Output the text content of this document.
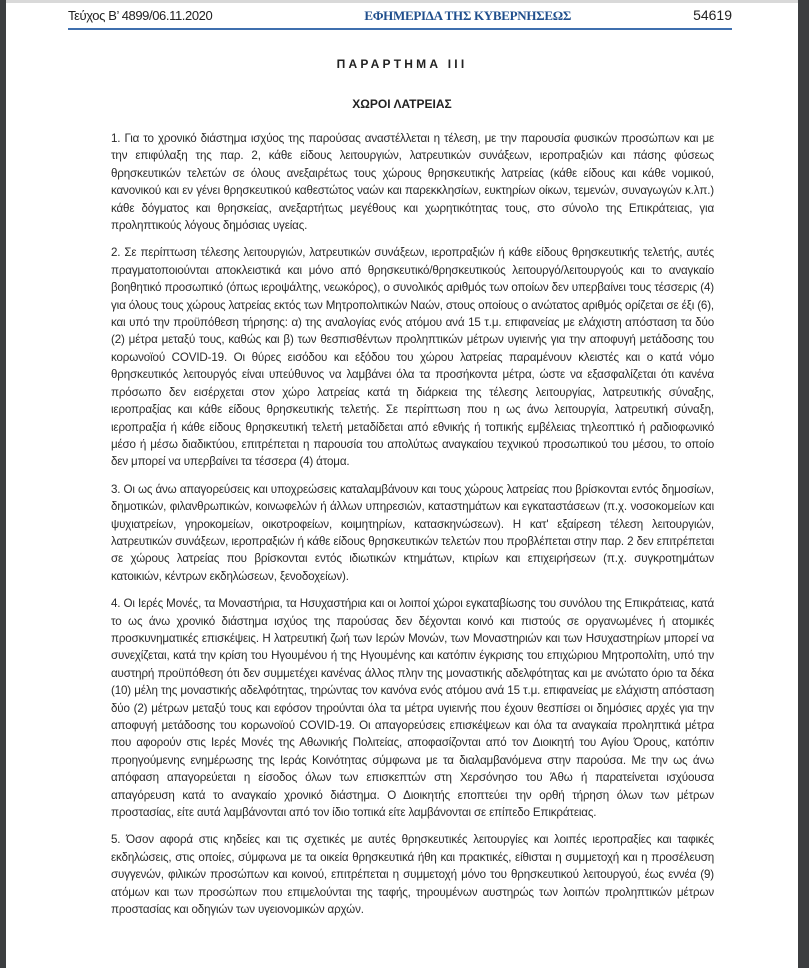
Τεύχος Β’ 4899/06.11.2020	ΕΦΗΜΕΡΙΔΑ ΤΗΣ ΚΥΒΕΡΝΗΣΕΩΣ	54619
ΠΑΡΑΡΤΗΜΑ ΙΙΙ
ΧΩΡΟΙ ΛΑΤΡΕΙΑΣ

1. Για το χρονικό διάστημα ισχύος της παρούσας αναστέλλεται η τέλεση, με την παρουσία φυσικών προσώπων και με την επιφύλαξη της παρ. 2, κάθε είδους λειτουργιών, λατρευτικών συνάξεων, ιεροπραξιών και πάσης φύσεως θρησκευτικών τελετών σε όλους ανεξαιρέτως τους χώρους θρησκευτικής λατρείας (κάθε είδους και κάθε νομικού, κανονικού και εν γένει θρησκευτικού καθεστώτος ναών και παρεκκλησίων, ευκτηρίων οίκων, τεμενών, συναγωγών κ.λπ.) κάθε δόγματος και θρησκείας, ανεξαρτήτως μεγέθους και χωρητικότητας τους, στο σύνολο της Επικράτειας, για προληπτικούς λόγους δημόσιας υγείας.

2. Σε περίπτωση τέλεσης λειτουργιών, λατρευτικών συνάξεων, ιεροπραξιών ή κάθε είδους θρησκευτικής τελετής, αυτές πραγματοποιούνται αποκλειστικά και μόνο από θρησκευτικό/θρησκευτικούς λειτουργό/λειτουργούς και το αναγκαίο βοηθητικό προσωπικό (όπως ιεροψάλτης, νεωκόρος), ο συνολικός αριθμός των οποίων δεν υπερβαίνει τους τέσσερις (4) για όλους τους χώρους λατρείας εκτός των Μητροπολιτικών Ναών, στους οποίους ο ανώτατος αριθμός ορίζεται σε έξι (6), και υπό την προϋπόθεση τήρησης: α) της αναλογίας ενός ατόμου ανά 15 τ.μ. επιφανείας με ελάχιστη απόσταση τα δύο (2) μέτρα μεταξύ τους, καθώς και β) των θεσπισθέντων προληπτικών μέτρων υγιεινής για την αποφυγή μετάδοσης του κορωνοϊού COVID-19. Οι θύρες εισόδου και εξόδου του χώρου λατρείας παραμένουν κλειστές και ο κατά νόμο θρησκευτικός λειτουργός είναι υπεύθυνος να λαμβάνει όλα τα προσήκοντα μέτρα, ώστε να εξασφαλίζεται ότι κανένα πρόσωπο δεν εισέρχεται στον χώρο λατρείας κατά τη διάρκεια της τέλεσης λειτουργίας, λατρευτικής σύναξης, ιεροπραξίας και κάθε είδους θρησκευτικής τελετής. Σε περίπτωση που η ως άνω λειτουργία, λατρευτική σύναξη, ιεροπραξία ή κάθε είδους θρησκευτική τελετή μεταδίδεται από εθνικής ή τοπικής εμβέλειας τηλεοπτικό ή ραδιοφωνικό μέσο ή μέσω διαδικτύου, επιτρέπεται η παρουσία του απολύτως αναγκαίου τεχνικού προσωπικού του μέσου, το οποίο δεν μπορεί να υπερβαίνει τα τέσσερα (4) άτομα.

3. Οι ως άνω απαγορεύσεις και υποχρεώσεις καταλαμβάνουν και τους χώρους λατρείας που βρίσκονται εντός δημοσίων, δημοτικών, φιλανθρωπικών, κοινωφελών ή άλλων υπηρεσιών, καταστημάτων και εγκαταστάσεων (π.χ. νοσοκομείων και ψυχιατρείων, γηροκομείων, οικοτροφείων, κοιμητηρίων, κατασκηνώσεων). Η κατ' εξαίρεση τέλεση λειτουργιών, λατρευτικών συνάξεων, ιεροπραξιών ή κάθε είδους θρησκευτικών τελετών που προβλέπεται στην παρ. 2 δεν επιτρέπεται σε χώρους λατρείας που βρίσκονται εντός ιδιωτικών κτημάτων, κτιρίων και επιχειρήσεων (π.χ. συγκροτημάτων κατοικιών, κέντρων εκδηλώσεων, ξενοδοχείων).

4. Οι Ιερές Μονές, τα Μοναστήρια, τα Ησυχαστήρια και οι λοιποί χώροι εγκαταβίωσης του συνόλου της Επικράτειας, κατά το ως άνω χρονικό διάστημα ισχύος της παρούσας δεν δέχονται κοινό και πιστούς σε οργανωμένες ή ατομικές προσκυνηματικές επισκέψεις. Η λατρευτική ζωή των Ιερών Μονών, των Μοναστηριών και των Ησυχαστηρίων μπορεί να συνεχίζεται, κατά την κρίση του Ηγουμένου ή της Ηγουμένης και κατόπιν έγκρισης του επιχώριου Μητροπολίτη, υπό την αυστηρή προϋπόθεση ότι δεν συμμετέχει κανένας άλλος πλην της μοναστικής αδελφότητας και με ανώτατο όριο τα δέκα (10) μέλη της μοναστικής αδελφότητας, τηρώντας τον κανόνα ενός ατόμου ανά 15 τ.μ. επιφανείας με ελάχιστη απόσταση δύο (2) μέτρων μεταξύ τους και εφόσον τηρούνται όλα τα μέτρα υγιεινής που έχουν θεσπίσει οι δημόσιες αρχές για την αποφυγή μετάδοσης του κορωνοϊού COVID-19. Οι απαγορεύσεις επισκέψεων και όλα τα αναγκαία προληπτικά μέτρα που αφορούν στις Ιερές Μονές της Αθωνικής Πολιτείας, αποφασίζονται από τον Διοικητή του Αγίου Όρους, κατόπιν προηγούμενης ενημέρωσης της Ιεράς Κοινότητας σύμφωνα με τα διαλαμβανόμενα στην παρούσα. Με την ως άνω απόφαση απαγορεύεται η είσοδος όλων των επισκεπτών στη Χερσόνησο του Άθω ή παρατείνεται ισχύουσα απαγόρευση κατά το αναγκαίο χρονικό διάστημα. Ο Διοικητής εποπτεύει την ορθή τήρηση όλων των μέτρων προστασίας, είτε αυτά λαμβάνονται από τον ίδιο τοπικά είτε λαμβάνονται σε επίπεδο Επικράτειας.

5. Όσον αφορά στις κηδείες και τις σχετικές με αυτές θρησκευτικές λειτουργίες και λοιπές ιεροπραξίες και ταφικές εκδηλώσεις, στις οποίες, σύμφωνα με τα οικεία θρησκευτικά ήθη και πρακτικές, είθισται η συμμετοχή και η προσέλευση συγγενών, φιλικών προσώπων και κοινού, επιτρέπεται η συμμετοχή μόνο του θρησκευτικού λειτουργού, έως εννέα (9) ατόμων και των προσώπων που επιμελούνται της ταφής, τηρουμένων αυστηρώς των λοιπών προληπτικών μέτρων προστασίας και οδηγιών των υγειονομικών αρχών.
